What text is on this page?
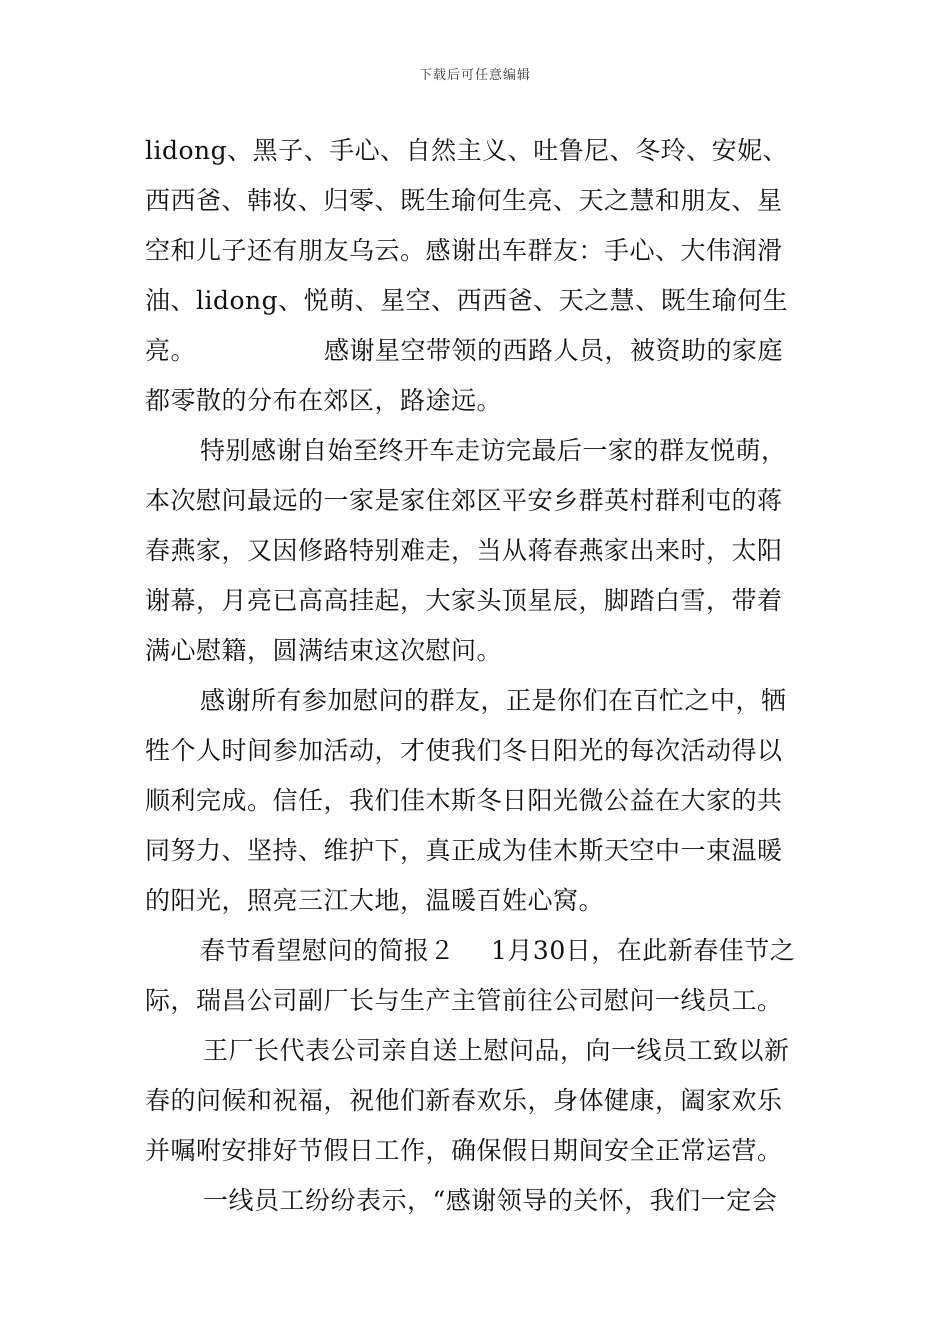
下载后可任意编辑
lidong、黑子、手心、自然主义、吐鲁尼、冬玲、安妮、
西西爸、韩妆、归零、既生瑜何生亮、天之慧和朋友、星
空和儿子还有朋友乌云。感谢出车群友：手心、大伟润滑
油、lidong、悦萌、星空、西西爸、天之慧、既生瑜何生
亮。	感谢星空带领的西路人员，被资助的家庭
都零散的分布在郊区，路途远。
特别感谢自始至终开车走访完最后一家的群友悦萌，
本次慰问最远的一家是家住郊区平安乡群英村群利屯的蒋
春燕家，又因修路特别难走，当从蒋春燕家出来时，太阳
谢幕，月亮已高高挂起，大家头顶星辰，脚踏白雪，带着
满心慰籍，圆满结束这次慰问。
感谢所有参加慰问的群友，正是你们在百忙之中，牺
牲个人时间参加活动，才使我们冬日阳光的每次活动得以
顺利完成。信任，我们佳木斯冬日阳光微公益在大家的共
同努力、坚持、维护下，真正成为佳木斯天空中一束温暖
的阳光，照亮三江大地，温暖百姓心窝。
春节看望慰问的简报２ 1月30日，在此新春佳节之
际，瑞昌公司副厂长与生产主管前往公司慰问一线员工。
王厂长代表公司亲自送上慰问品，向一线员工致以新
春的问候和祝福，祝他们新春欢乐，身体健康，阖家欢乐
并嘱咐安排好节假日工作，确保假日期间安全正常运营。
一线员工纷纷表示，“感谢领导的关怀，我们一定会
